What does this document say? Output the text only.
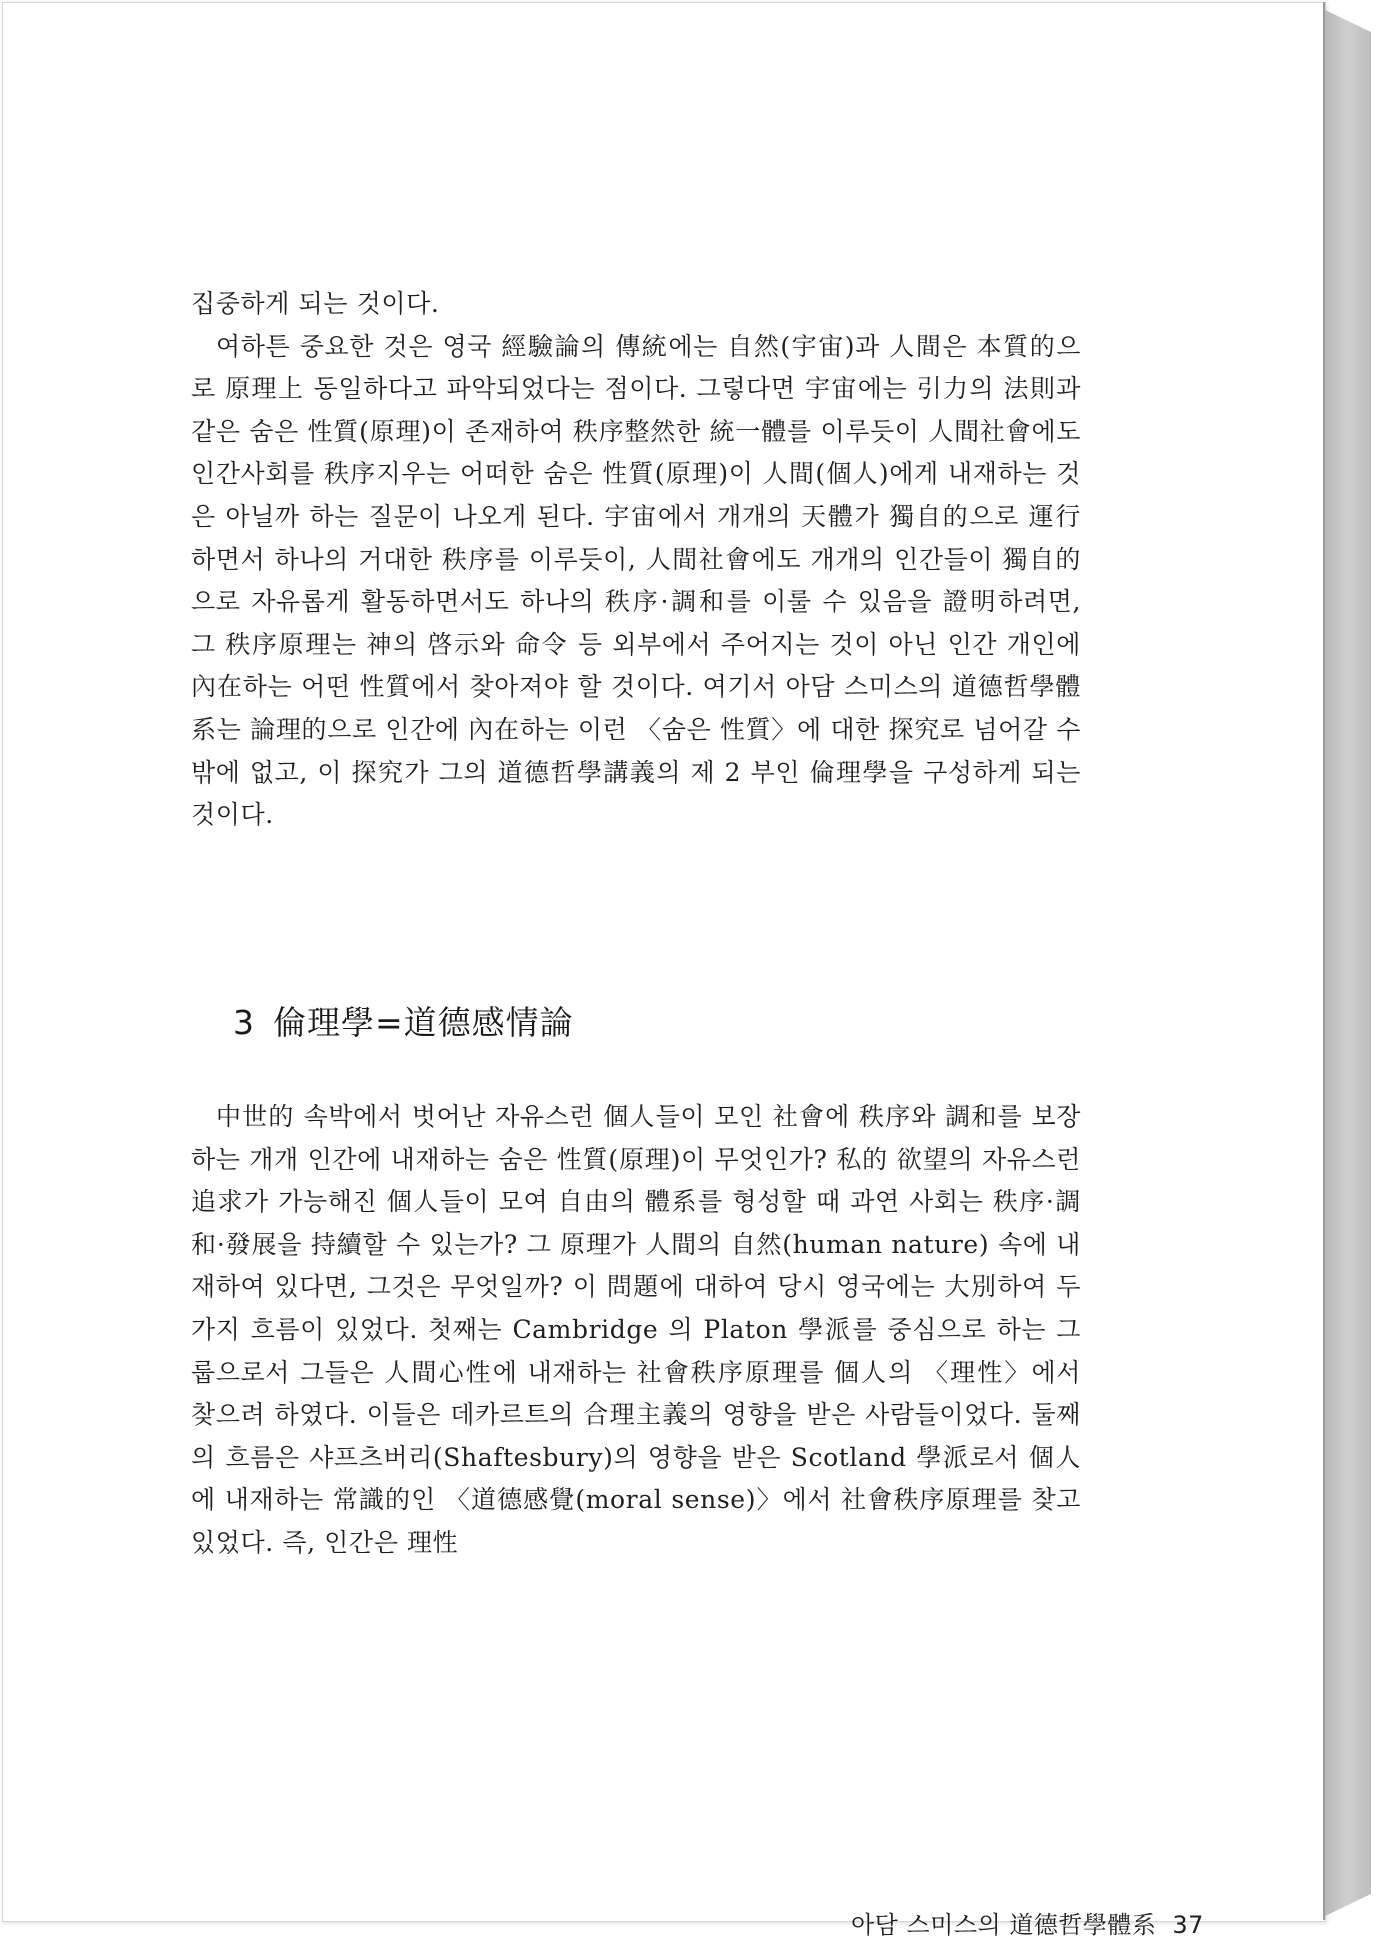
집중하게 되는 것이다.

여하튼 중요한 것은 영국 經驗論의 傳統에는 自然(宇宙)과 人間은 本質的으로 原理上 동일하다고 파악되었다는 점이다. 그렇다면 宇宙에는 引力의 法則과 같은 숨은 性質(原理)이 존재하여 秩序整然한 統一體를 이루듯이 人間社會에도 인간사회를 秩序지우는 어떠한 숨은 性質(原理)이 人間(個人)에게 내재하는 것은 아닐까 하는 질문이 나오게 된다. 宇宙에서 개개의 天體가 獨自的으로 運行하면서 하나의 거대한 秩序를 이루듯이, 人間社會에도 개개의 인간들이 獨自的으로 자유롭게 활동하면서도 하나의 秩序·調和를 이룰 수 있음을 證明하려면, 그 秩序原理는 神의 啓示와 命令 등 외부에서 주어지는 것이 아닌 인간 개인에 內在하는 어떤 性質에서 찾아져야 할 것이다. 여기서 아담 스미스의 道德哲學體系는 論理的으로 인간에 內在하는 이런 〈숨은 性質〉에 대한 探究로 넘어갈 수밖에 없고, 이 探究가 그의 道德哲學講義의 제 2 부인 倫理學을 구성하게 되는 것이다.

3 倫理學=道德感情論

中世的 속박에서 벗어난 자유스런 個人들이 모인 社會에 秩序와 調和를 보장하는 개개 인간에 내재하는 숨은 性質(原理)이 무엇인가? 私的 欲望의 자유스런 追求가 가능해진 個人들이 모여 自由의 體系를 형성할 때 과연 사회는 秩序·調和·發展을 持續할 수 있는가? 그 原理가 人間의 自然(human nature) 속에 내재하여 있다면, 그것은 무엇일까? 이 問題에 대하여 당시 영국에는 大別하여 두 가지 흐름이 있었다. 첫째는 Cambridge 의 Platon 學派를 중심으로 하는 그룹으로서 그들은 人間心性에 내재하는 社會秩序原理를 個人의 〈理性〉에서 찾으려 하였다. 이들은 데카르트의 合理主義의 영향을 받은 사람들이었다. 둘째의 흐름은 샤프츠버리(Shaftesbury)의 영향을 받은 Scotland 學派로서 個人에 내재하는 常識的인 〈道德感覺(moral sense)〉에서 社會秩序原理를 찾고 있었다. 즉, 인간은 理性

아담 스미스의 道德哲學體系 37
